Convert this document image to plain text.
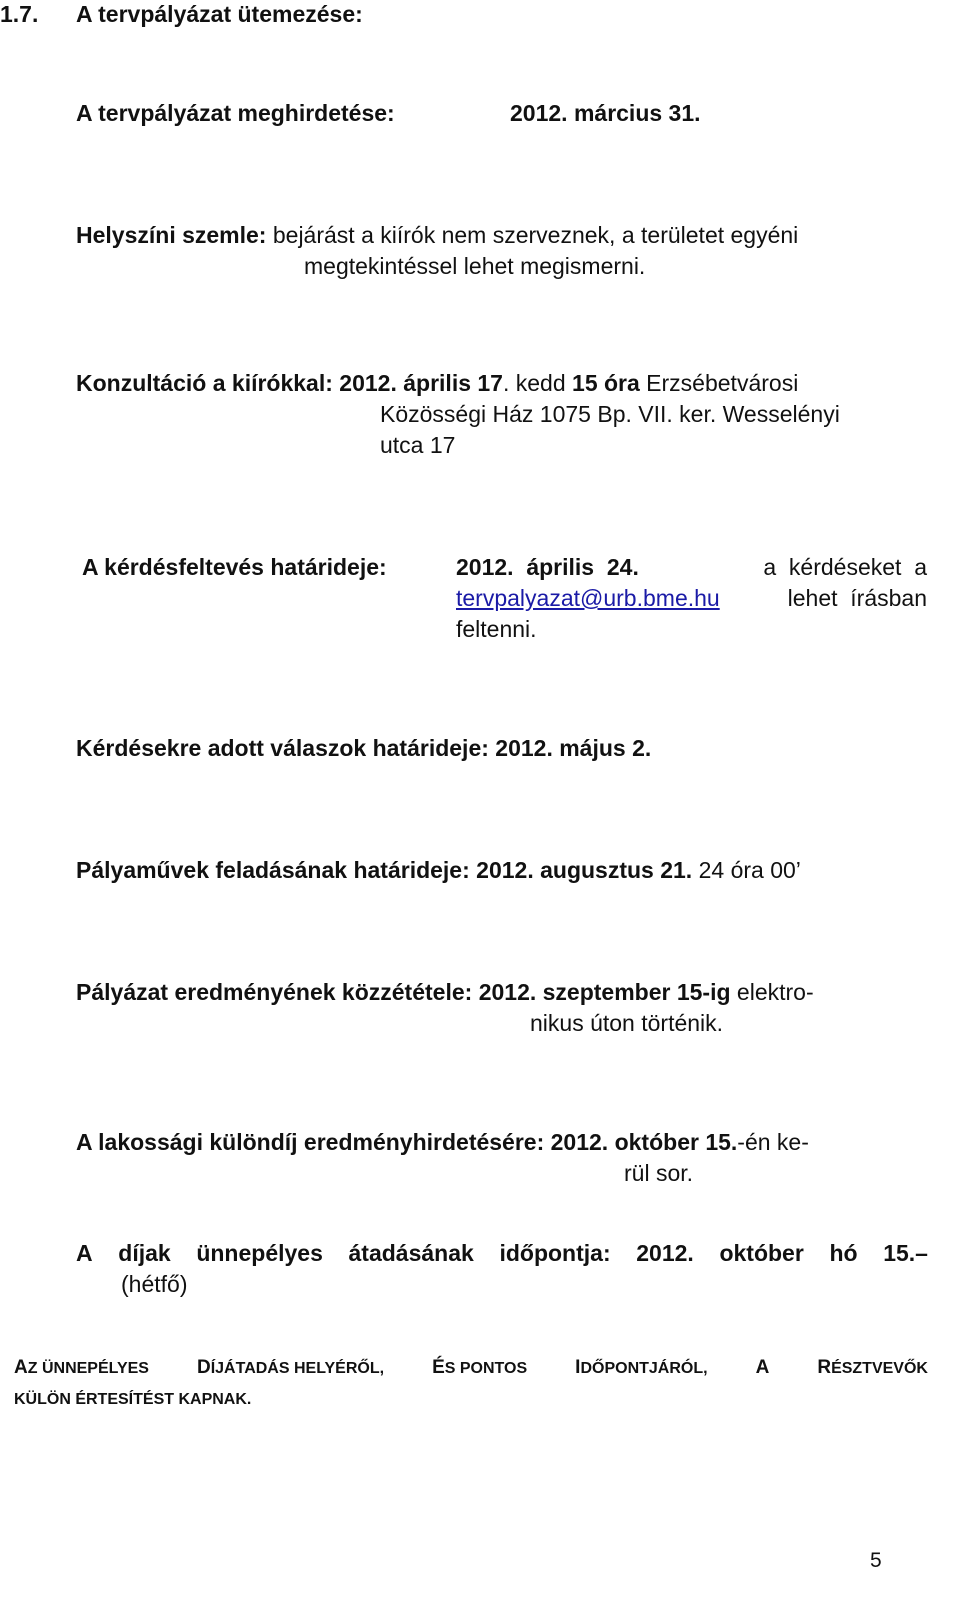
1.7. A tervpályázat ütemezése:
A tervpályázat meghirdetése:	2012. március 31.
Helyszíni szemle: bejárást a kiírók nem szerveznek, a területet egyéni
megtekintéssel lehet megismerni.
Konzultáció a kiírókkal: 2012. április 17. kedd 15 óra Erzsébetvárosi
Közösségi Ház 1075 Bp. VII. ker. Wesselényi
utca 17
A kérdésfeltevés határideje:	2012.  április  24.	a  kérdéseket  a
tervpalyazat@urb.bme.hu	lehet  írásban
feltenni.
Kérdésekre adott válaszok határideje: 2012. május 2.
Pályaművek feladásának határideje: 2012. augusztus 21. 24 óra 00’
Pályázat eredményének közzététele: 2012. szeptember 15-ig elektro-
nikus úton történik.
A lakossági különdíj eredményhirdetésére: 2012. október 15.-én ke-
rül sor.
A díjak ünnepélyes átadásának időpontja: 2012. október hó 15.–
(hétfő)
AZ ÜNNEPÉLYES DÍJÁTADÁS HELYÉRŐL, ÉS PONTOS IDŐPONTJÁRÓL, A	RÉSZTVEVŐK
KÜLÖN ÉRTESÍTÉST KAPNAK.
5
